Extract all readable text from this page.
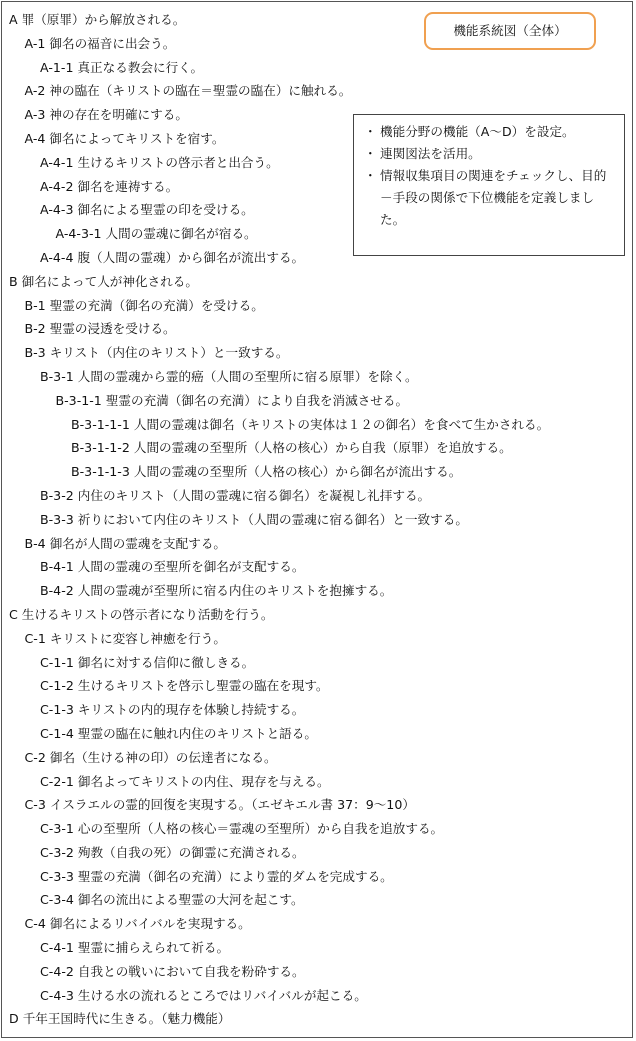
A 罪（原罪）から解放される。
A-1 御名の福音に出会う。
A-1-1 真正なる教会に行く。
A-2 神の臨在（キリストの臨在＝聖霊の臨在）に触れる。
A-3 神の存在を明確にする。
A-4 御名によってキリストを宿す。
A-4-1 生けるキリストの啓示者と出合う。
A-4-2 御名を連祷する。
A-4-3 御名による聖霊の印を受ける。
A-4-3-1 人間の霊魂に御名が宿る。
A-4-4 腹（人間の霊魂）から御名が流出する。
B 御名によって人が神化される。
B-1 聖霊の充満（御名の充満）を受ける。
B-2 聖霊の浸透を受ける。
B-3 キリスト（内住のキリスト）と一致する。
B-3-1 人間の霊魂から霊的癌（人間の至聖所に宿る原罪）を除く。
B-3-1-1 聖霊の充満（御名の充満）により自我を消滅させる。
B-3-1-1-1 人間の霊魂は御名（キリストの実体は１２の御名）を食べて生かされる。
B-3-1-1-2 人間の霊魂の至聖所（人格の核心）から自我（原罪）を追放する。
B-3-1-1-3 人間の霊魂の至聖所（人格の核心）から御名が流出する。
B-3-2 内住のキリスト（人間の霊魂に宿る御名）を凝視し礼拝する。
B-3-3 祈りにおいて内住のキリスト（人間の霊魂に宿る御名）と一致する。
B-4 御名が人間の霊魂を支配する。
B-4-1 人間の霊魂の至聖所を御名が支配する。
B-4-2 人間の霊魂が至聖所に宿る内住のキリストを抱擁する。
C 生けるキリストの啓示者になり活動を行う。
C-1 キリストに変容し神癒を行う。
C-1-1 御名に対する信仰に徹しきる。
C-1-2 生けるキリストを啓示し聖霊の臨在を現す。
C-1-3 キリストの内的現存を体験し持続する。
C-1-4 聖霊の臨在に触れ内住のキリストと語る。
C-2 御名（生ける神の印）の伝達者になる。
C-2-1 御名よってキリストの内住、現存を与える。
C-3 イスラエルの霊的回復を実現する。（エゼキエル書 37：9～10）
C-3-1 心の至聖所（人格の核心＝霊魂の至聖所）から自我を追放する。
C-3-2 殉教（自我の死）の御霊に充満される。
C-3-3 聖霊の充満（御名の充満）により霊的ダムを完成する。
C-3-4 御名の流出による聖霊の大河を起こす。
C-4 御名によるリバイバルを実現する。
C-4-1 聖霊に捕らえられて祈る。
C-4-2 自我との戦いにおいて自我を粉砕する。
C-4-3 生ける水の流れるところではリバイバルが起こる。
D 千年王国時代に生きる。（魅力機能）
機能系統図（全体）
・ 機能分野の機能（A～D）を設定。
・ 連関図法を活用。
・ 情報収集項目の関連をチェックし、目的－手段の関係で下位機能を定義しました。
